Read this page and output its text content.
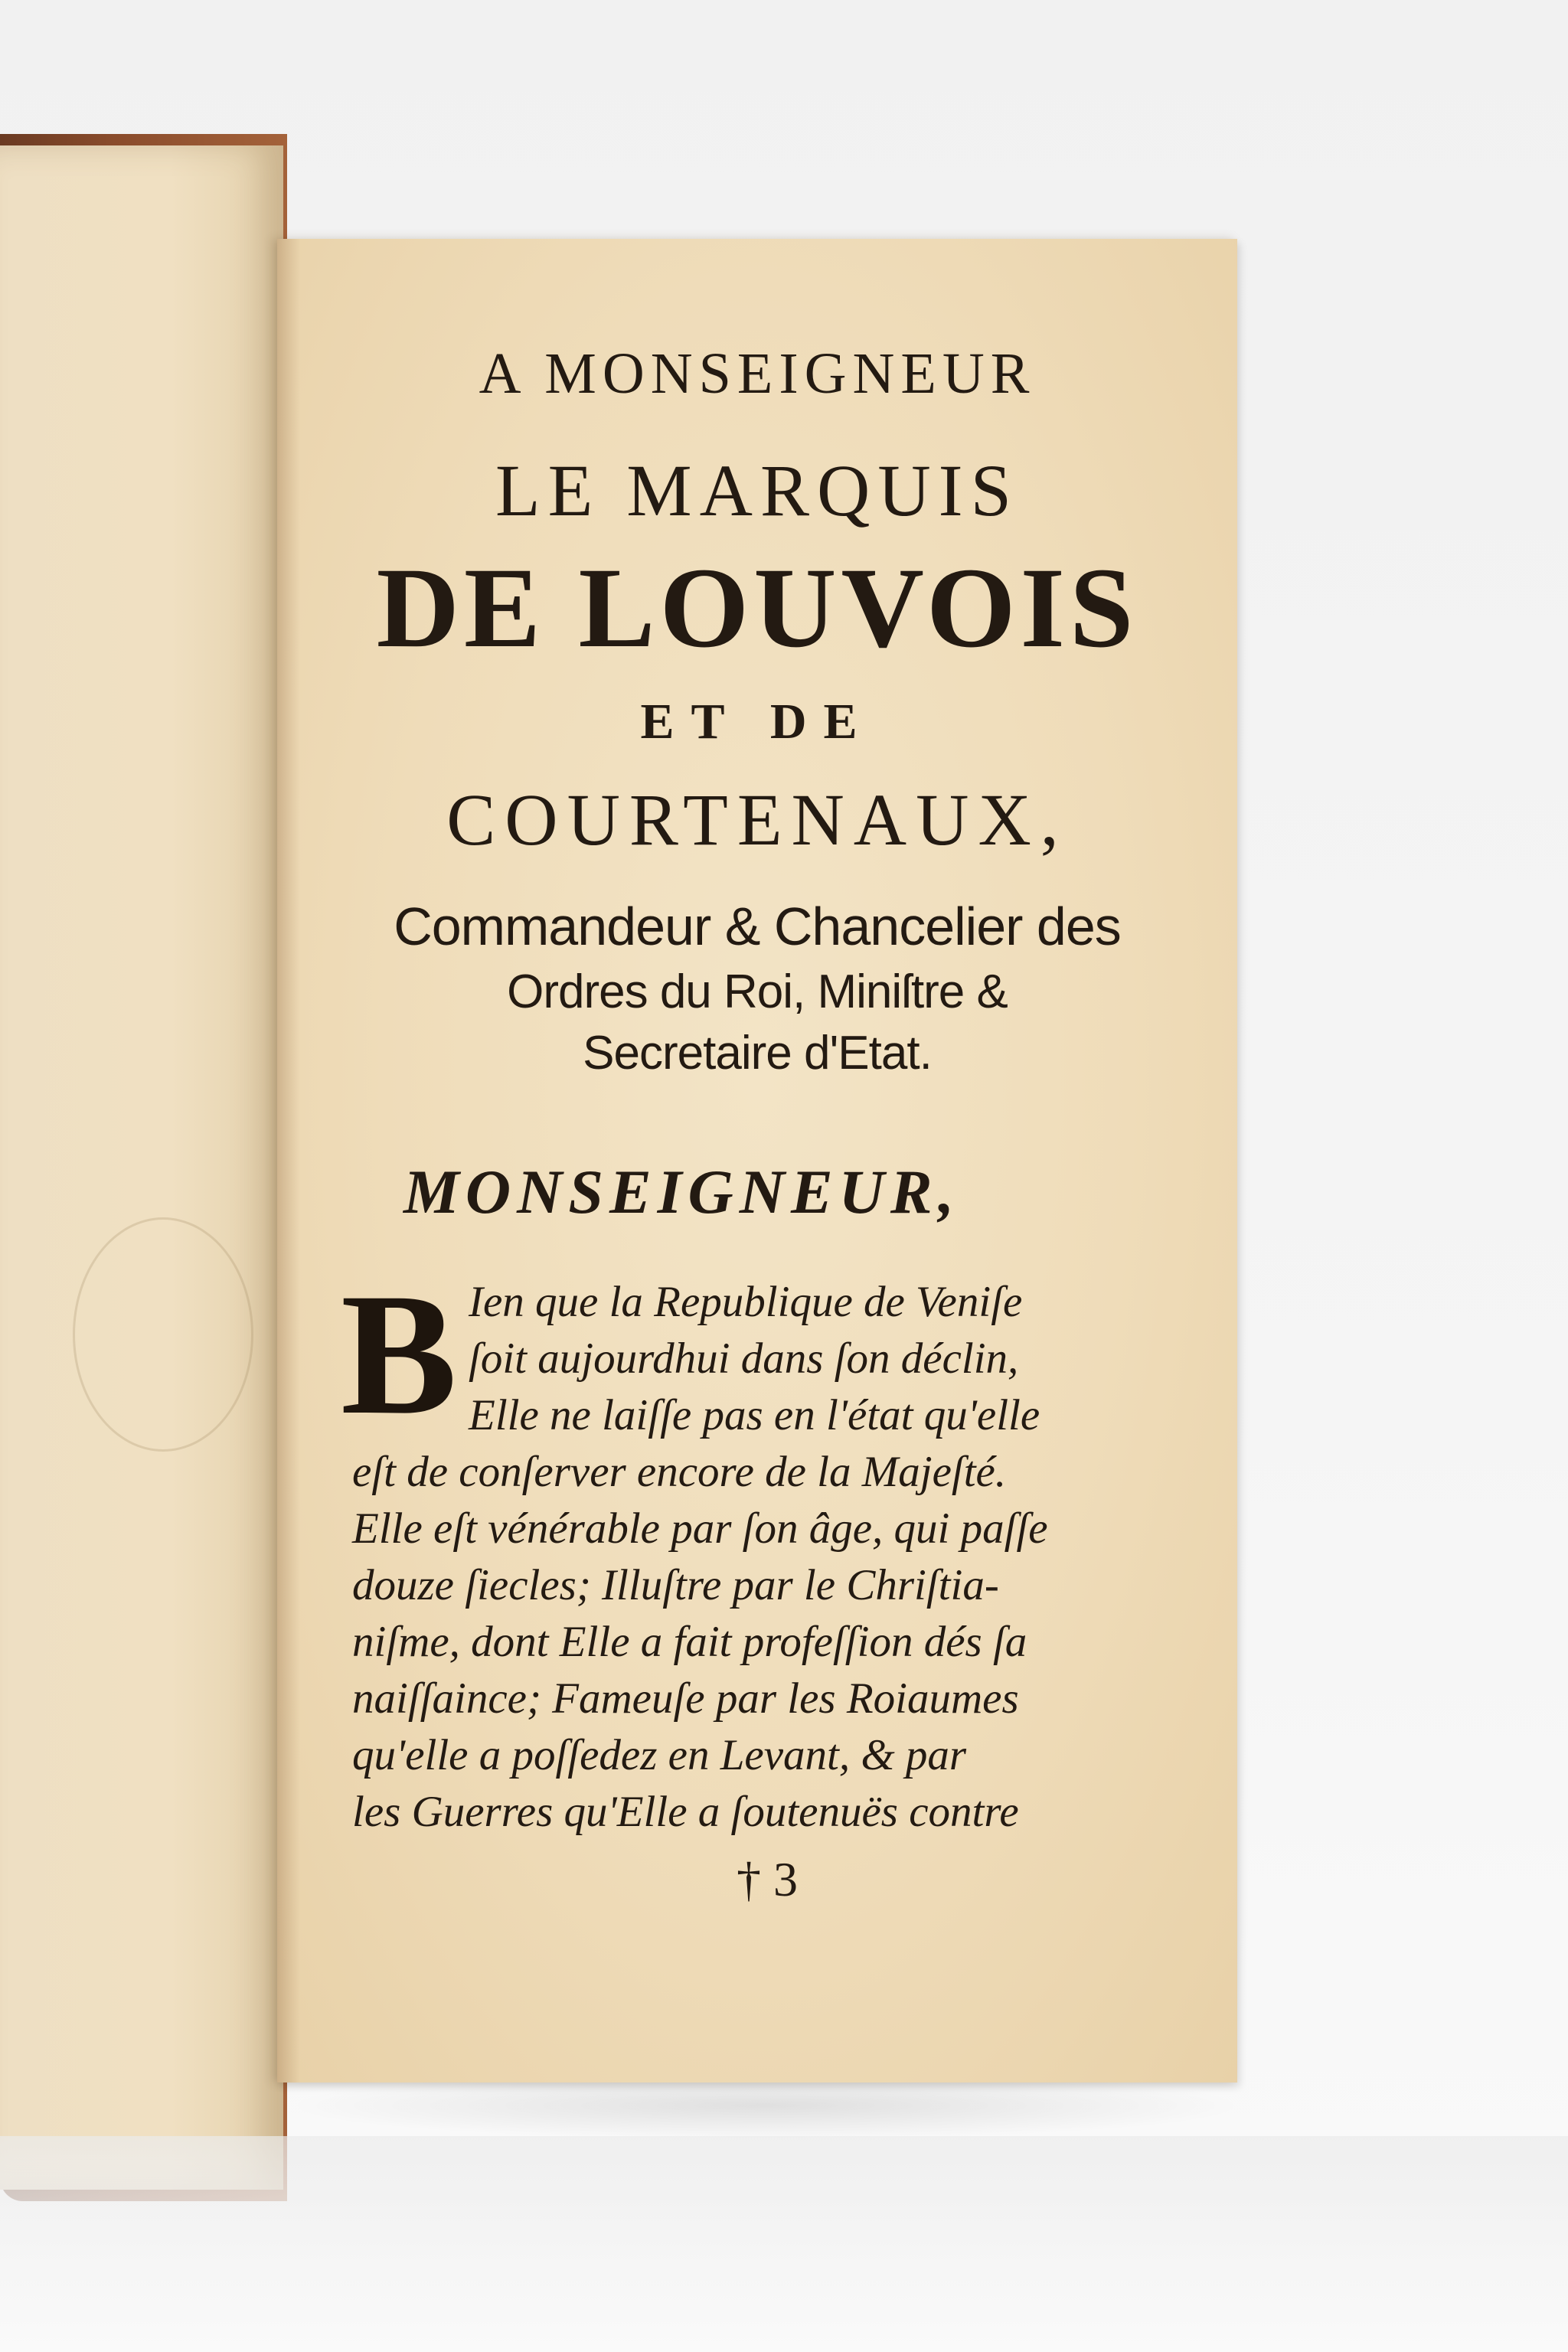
A MONSEIGNEUR
LE MARQUIS
DE LOUVOIS
ET DE
COURTENAUX,
Commandeur & Chancelier des
Ordres du Roi, Miniſtre &
Secretaire d'Etat.
MONSEIGNEUR,
B Ien que la Republique de Veniſe
ſoit aujourdhui dans ſon déclin,
Elle ne laiſſe pas en l'état qu'elle
eſt de conſerver encore de la Majeſté.
Elle eſt vénérable par ſon âge, qui paſſe
douze ſiecles; Illuſtre par le Chriſtia-
niſme, dont Elle a fait profeſſion dés ſa
naiſſaince; Fameuſe par les Roiaumes
qu'elle a poſſedez en Levant, & par
les Guerres qu'Elle a ſoutenuës contre
† 3
